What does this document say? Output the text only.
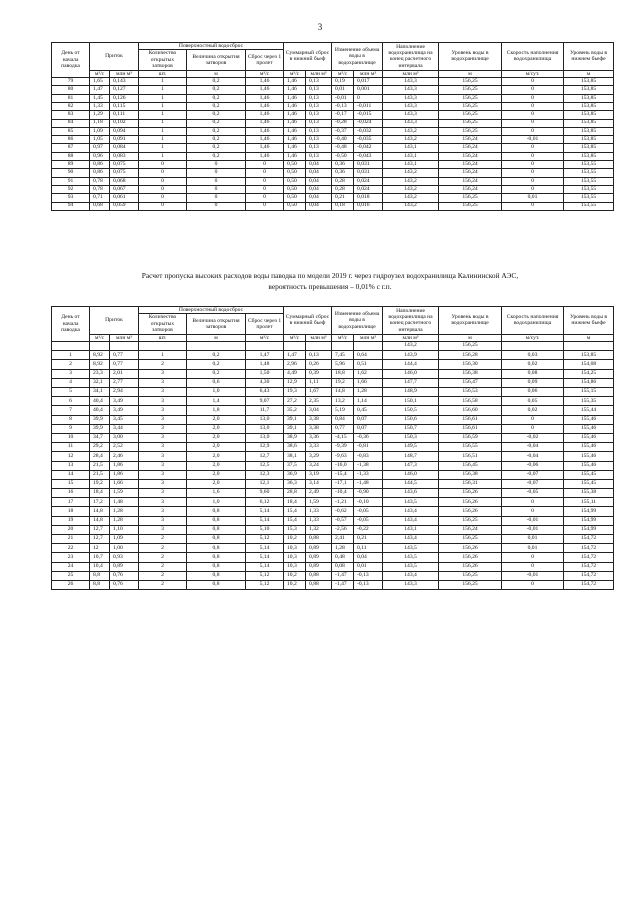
3
День от начала паводка	Приток		Поверхностный водосброс			Суммарный сброс в нижний бьеф		Изменение объема воды в водохранилище		Наполнение водохранилища на конец расчетного интервала	Уровень воды в водохранилище	Скорость наполнения водохранилища	Уровень воды в нижнем бьефе
			Количество открытых затворов	Величина открытия затворов	Сброс через 1 пролет								
	м³/с	млн м³	шт.	м	м³/с	м³/с	млн м³	м³/с	млн м³	млн м³	м	м/сут.	м
79	1,65	0,143	1	0,2	1,46	1,46	0,13	0,19	0,017	143,3	156,25	0	153,85
80	1,47	0,127	1	0,2	1,46	1,46	0,13	0,01	0,001	143,3	156,25	0	153,85
81	1,45	0,126	1	0,2	1,46	1,46	0,13	-0,01	0	143,3	156,25	0	153,85
82	1,33	0,115	1	0,2	1,46	1,46	0,13	-0,13	-0,011	143,3	156,25	0	153,85
83	1,29	0,111	1	0,2	1,46	1,46	0,13	-0,17	-0,015	143,3	156,25	0	153,85
84	1,18	0,102	1	0,2	1,46	1,46	0,13	-0,28	-0,024	143,3	156,25	0	153,85
85	1,09	0,094	1	0,2	1,46	1,46	0,13	-0,37	-0,032	143,2	156,25	0	153,85
86	1,05	0,091	1	0,2	1,46	1,46	0,13	-0,40	-0,035	143,2	156,24	-0,01	153,85
87	0,97	0,084	1	0,2	1,46	1,46	0,13	-0,48	-0,042	143,1	156,24	0	153,85
88	0,96	0,083	1	0,2	1,46	1,46	0,13	-0,50	-0,043	143,1	156,24	0	153,85
89	0,86	0,075	0	0	0	0,50	0,04	0,36	0,031	143,1	156,24	0	153,55
90	0,86	0,075	0	0	0	0,50	0,04	0,36	0,031	143,2	156,24	0	153,55
91	0,78	0,068	0	0	0	0,50	0,04	0,28	0,024	143,2	156,24	0	153,55
92	0,78	0,067	0	0	0	0,50	0,04	0,28	0,024	143,2	156,24	0	153,55
93	0,71	0,061	0	0	0	0,50	0,04	0,21	0,018	143,2	156,25	0,01	153,55
94	0,68	0,059	0	0	0	0,50	0,04	0,18	0,016	143,2	156,25	0	153,55
Расчет пропуска высоких расходов воды паводка по модели 2019 г. через гидроузел водохранилища Калининской АЭС,
вероятность превышения – 0,01% с г.п.
День от начала паводка	Приток		Поверхностный водосброс			Суммарный сброс в нижний бьеф		Изменение объема воды в водохранилище		Наполнение водохранилища на конец расчетного интервала	Уровень воды в водохранилище	Скорость наполнения водохранилища	Уровень воды в нижнем бьефе
			Количество открытых затворов	Величина открытия затворов	Сброс через 1 пролет								
	м³/с	млн м³	шт.	м	м³/с	м³/с	млн м³	м³/с	млн м³	млн м³	м	м/сут.	м
										143,2	156,25		
1	8,92	0,77	1	0,2	1,47	1,47	0,13	7,45	0,64	143,9	156,28	0,03	153,85
2	8,92	0,77	2	0,2	1,48	2,96	0,26	5,96	0,51	144,4	156,30	0,02	154,08
3	23,3	2,01	3	0,2	1,50	4,49	0,39	18,8	1,62	146,0	156,38	0,08	154,25
4	32,1	2,77	3	0,6	4,30	12,9	1,11	19,2	1,66	147,7	156,47	0,09	154,86
5	34,1	2,94	3	1,0	6,43	19,3	1,67	14,8	1,28	148,9	156,53	0,06	155,15
6	40,4	3,49	3	1,4	9,07	27,2	2,35	13,2	1,14	150,1	156,58	0,05	155,35
7	40,4	3,49	3	1,8	11,7	35,2	3,04	5,19	0,45	150,5	156,60	0,02	155,44
8	39,9	3,45	3	2,0	13,0	39,1	3,38	0,84	0,07	150,6	156,61	0	155,46
9	39,9	3,44	3	2,0	13,0	39,1	3,38	0,77	0,07	150,7	156,61	0	155,46
10	34,7	3,00	3	2,0	13,0	38,9	3,36	-4,15	-0,36	150,3	156,59	-0,02	155,46
11	29,2	2,52	3	2,0	12,9	38,6	3,33	-9,39	-0,81	149,5	156,55	-0,04	155,46
12	28,4	2,46	3	2,0	12,7	38,1	3,29	-9,63	-0,83	148,7	156,51	-0,04	155,46
13	21,5	1,86	3	2,0	12,5	37,5	3,24	-16,0	-1,38	147,3	156,45	-0,06	155,46
14	21,5	1,86	3	2,0	12,3	36,9	3,19	-15,4	-1,33	146,0	156,38	-0,07	155,45
15	19,2	1,66	3	2,0	12,1	36,3	3,14	-17,1	-1,48	144,5	156,31	-0,07	155,45
16	18,4	1,59	3	1,6	9,60	28,8	2,49	-10,4	-0,90	143,6	156,26	-0,05	155,38
17	17,2	1,48	3	1,0	6,12	18,4	1,59	-1,21	-0,10	143,5	156,26	0	155,11
18	14,8	1,28	3	0,8	5,14	15,4	1,33	-0,62	-0,05	143,4	156,26	0	154,99
19	14,8	1,28	3	0,8	5,14	15,4	1,33	-0,57	-0,05	143,4	156,25	-0,01	154,99
20	12,7	1,10	3	0,8	5,10	15,3	1,32	-2,56	-0,22	143,1	156,24	-0,01	154,99
21	12,7	1,09	2	0,8	5,12	10,2	0,88	2,41	0,21	143,4	156,25	0,01	154,72
22	12	1,00	2	0,8	5,14	10,3	0,89	1,28	0,11	143,5	156,26	0,01	154,72
23	10,7	0,93	2	0,8	5,14	10,3	0,89	0,48	0,04	143,5	156,26	0	154,72
24	10,4	0,89	2	0,8	5,14	10,3	0,89	0,08	0,01	143,5	156,26	0	154,72
25	8,8	0,76	2	0,8	5,12	10,2	0,88	-1,47	-0,13	143,4	156,25	-0,01	154,72
26	8,8	0,76	2	0,8	5,12	10,2	0,88	-1,47	-0,13	143,3	156,25	0	154,72
